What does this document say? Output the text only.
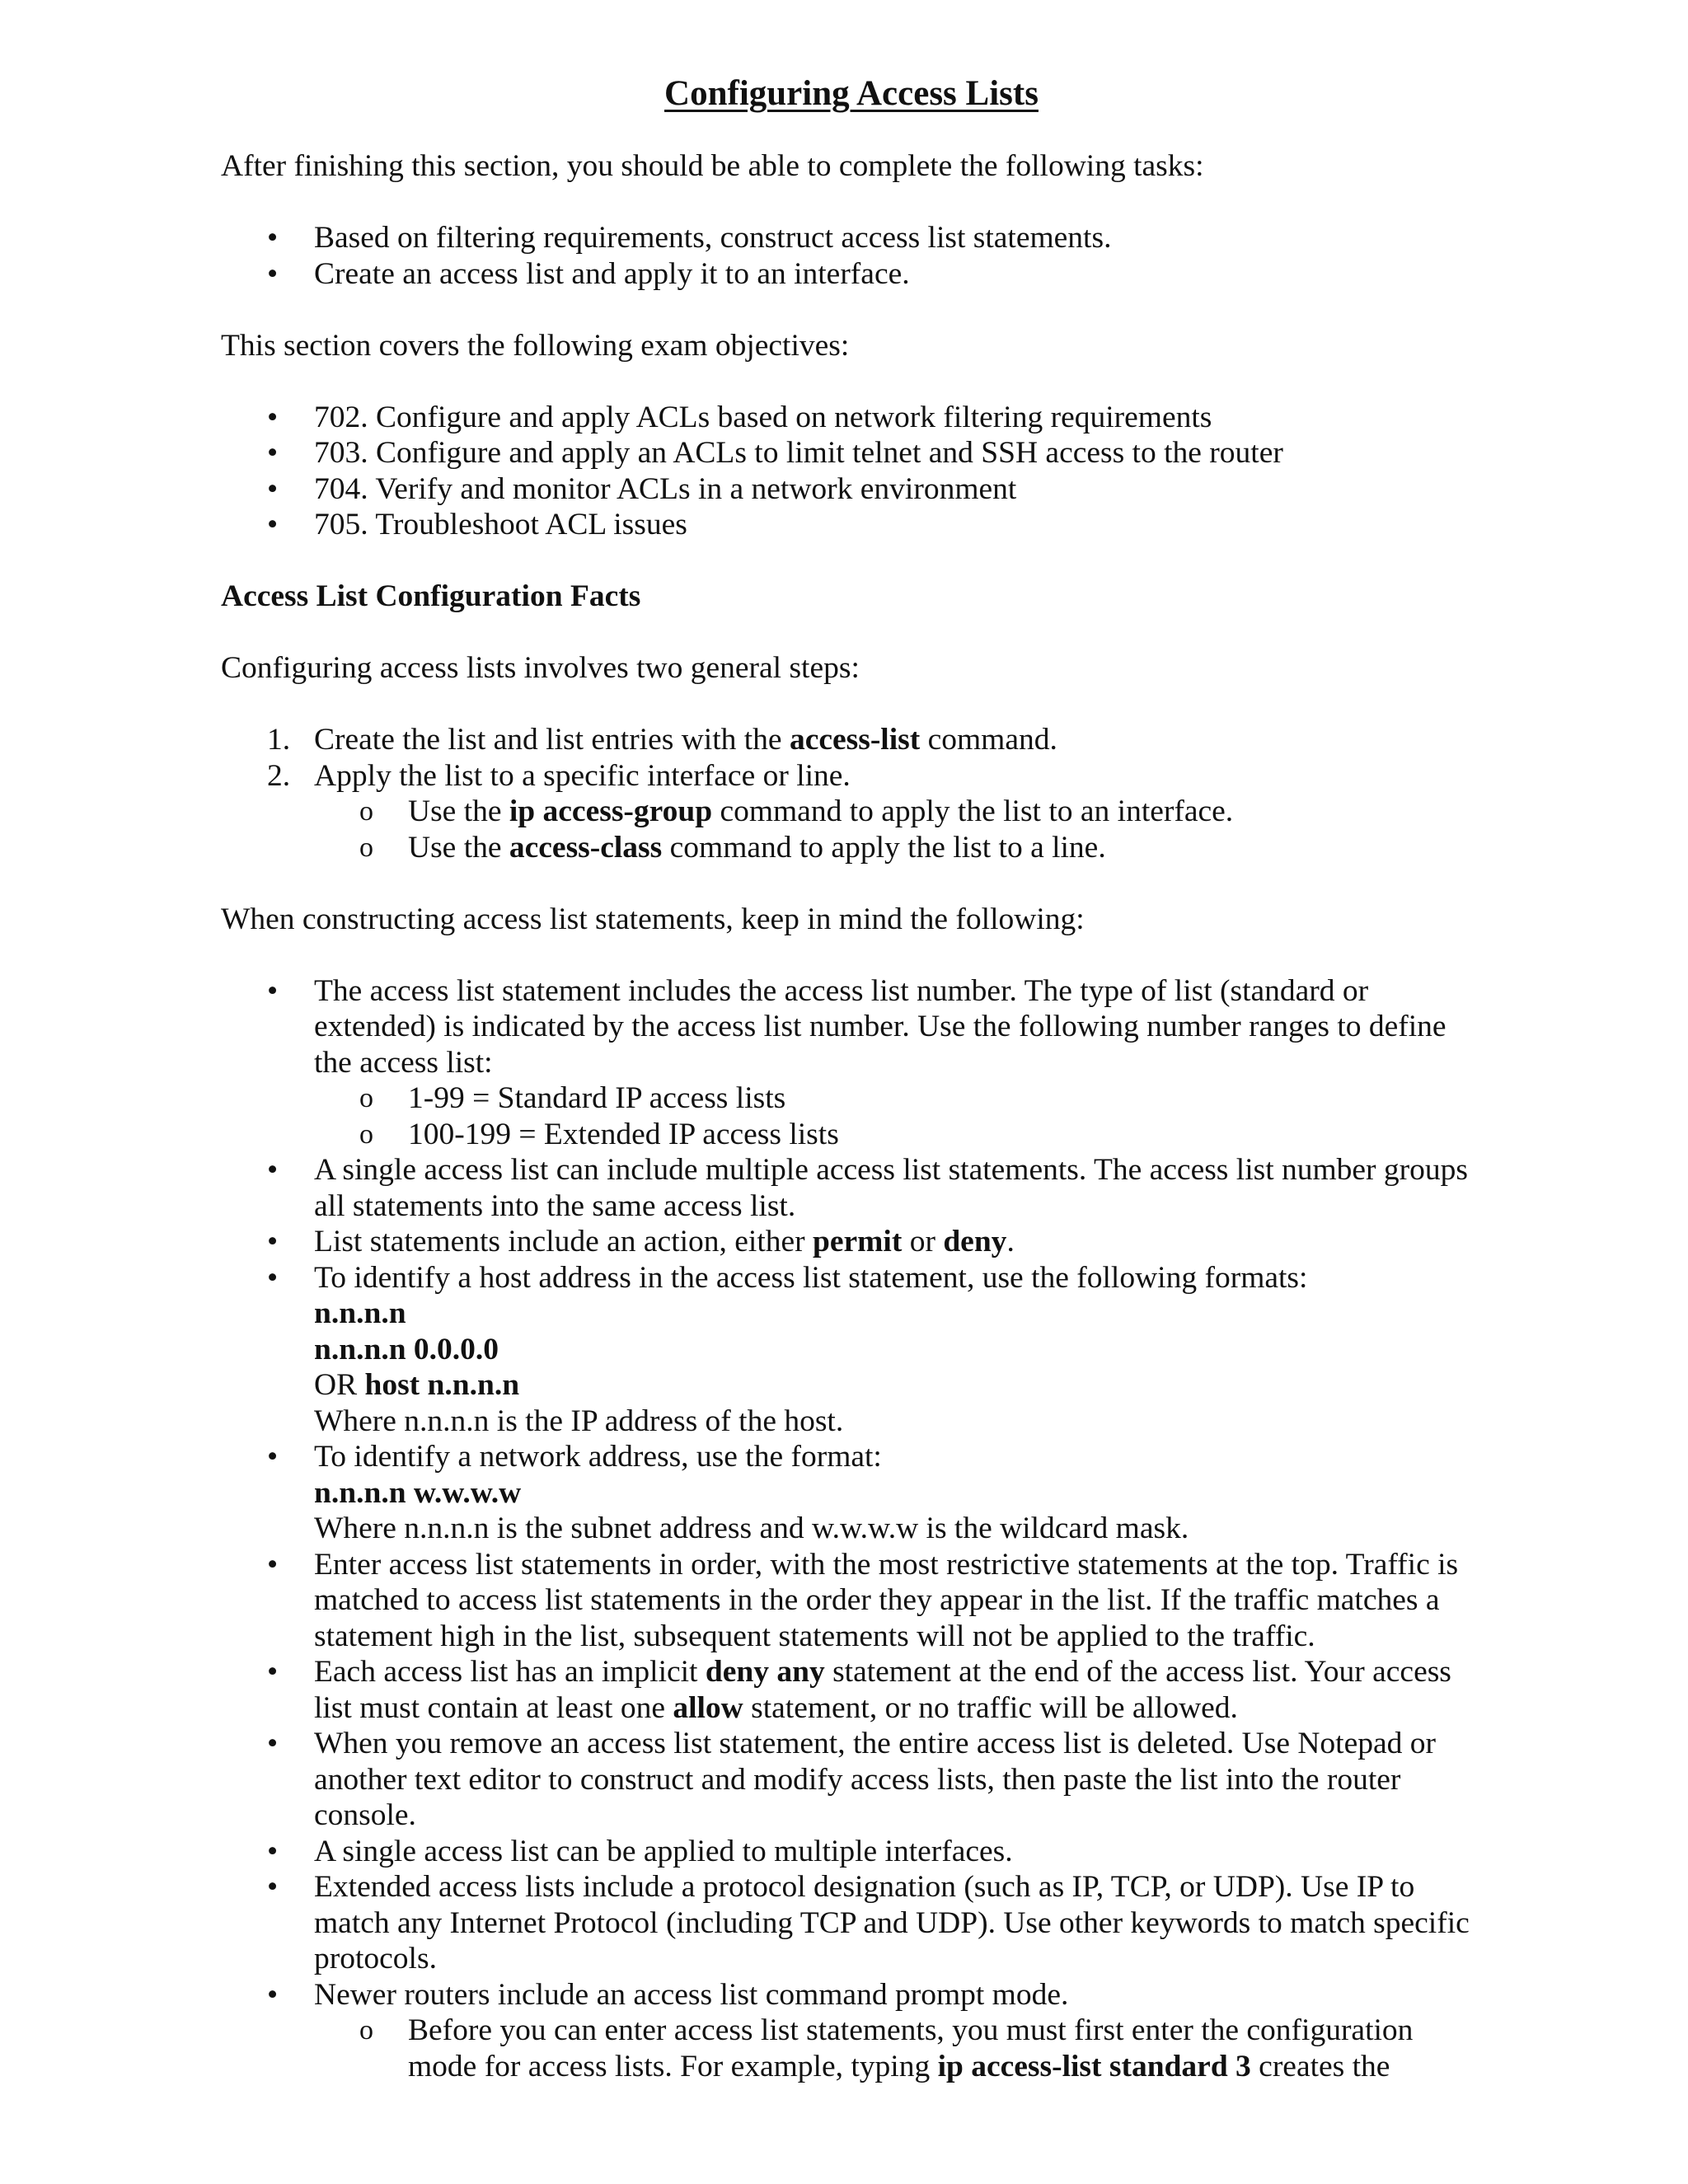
Configuring Access Lists

After finishing this section, you should be able to complete the following tasks:

• Based on filtering requirements, construct access list statements.
• Create an access list and apply it to an interface.

This section covers the following exam objectives:

• 702. Configure and apply ACLs based on network filtering requirements
• 703. Configure and apply an ACLs to limit telnet and SSH access to the router
• 704. Verify and monitor ACLs in a network environment
• 705. Troubleshoot ACL issues

Access List Configuration Facts

Configuring access lists involves two general steps:

1. Create the list and list entries with the access-list command.
2. Apply the list to a specific interface or line.
o Use the ip access-group command to apply the list to an interface.
o Use the access-class command to apply the list to a line.

When constructing access list statements, keep in mind the following:

• The access list statement includes the access list number. The type of list (standard or extended) is indicated by the access list number. Use the following number ranges to define the access list:
o 1-99 = Standard IP access lists
o 100-199 = Extended IP access lists
• A single access list can include multiple access list statements. The access list number groups all statements into the same access list.
• List statements include an action, either permit or deny.
• To identify a host address in the access list statement, use the following formats:
n.n.n.n
n.n.n.n 0.0.0.0
OR host n.n.n.n
Where n.n.n.n is the IP address of the host.
• To identify a network address, use the format:
n.n.n.n w.w.w.w
Where n.n.n.n is the subnet address and w.w.w.w is the wildcard mask.
• Enter access list statements in order, with the most restrictive statements at the top. Traffic is matched to access list statements in the order they appear in the list. If the traffic matches a statement high in the list, subsequent statements will not be applied to the traffic.
• Each access list has an implicit deny any statement at the end of the access list. Your access list must contain at least one allow statement, or no traffic will be allowed.
• When you remove an access list statement, the entire access list is deleted. Use Notepad or another text editor to construct and modify access lists, then paste the list into the router console.
• A single access list can be applied to multiple interfaces.
• Extended access lists include a protocol designation (such as IP, TCP, or UDP). Use IP to match any Internet Protocol (including TCP and UDP). Use other keywords to match specific protocols.
• Newer routers include an access list command prompt mode.
o Before you can enter access list statements, you must first enter the configuration mode for access lists. For example, typing ip access-list standard 3 creates the
